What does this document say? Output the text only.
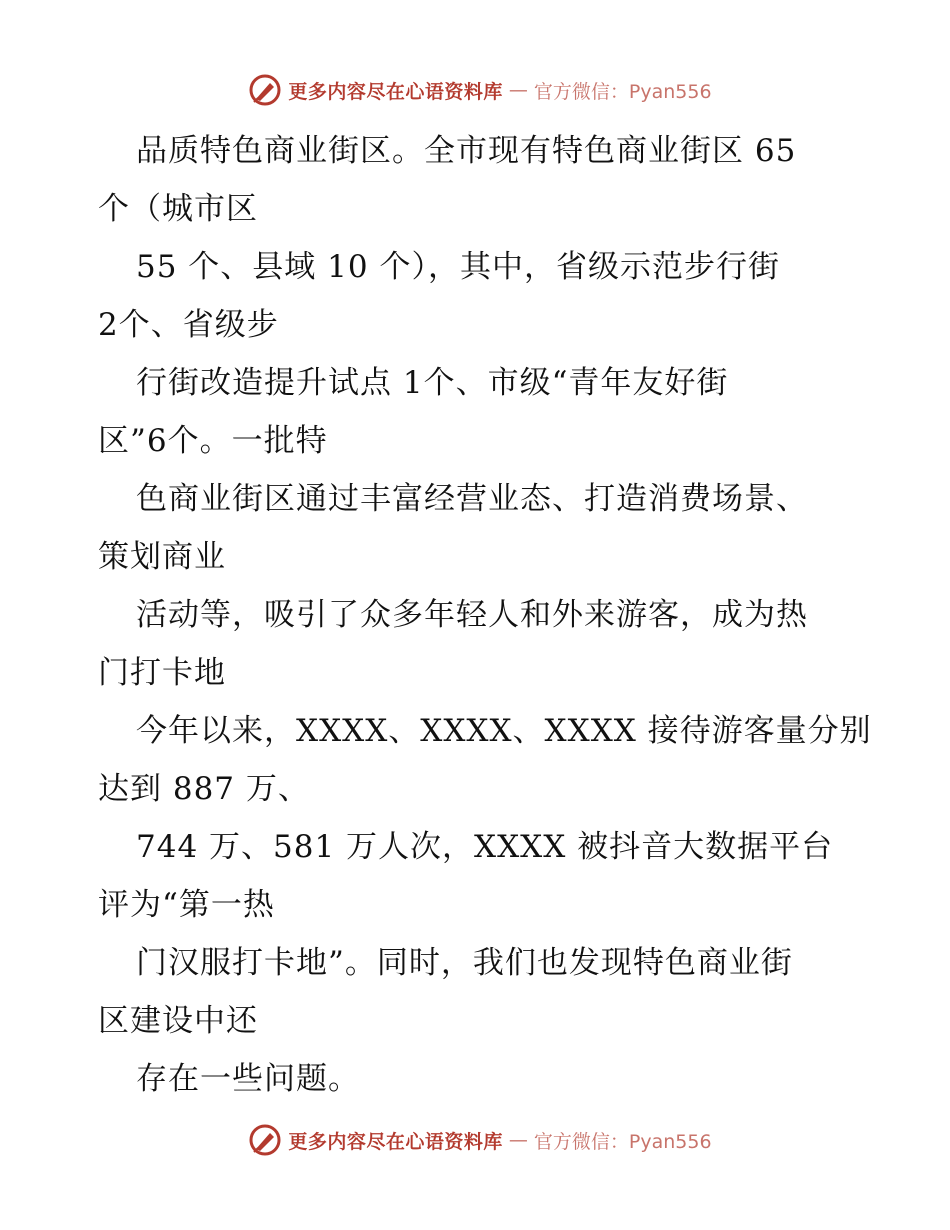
更多内容尽在心语资料库 — 官方微信：Pyan556
品质特色商业街区。全市现有特色商业街区 65
个（城市区
55 个、县域 10 个），其中，省级示范步行街
2个、省级步
行街改造提升试点 1个、市级“青年友好街
区”6个。一批特
色商业街区通过丰富经营业态、打造消费场景、
策划商业
活动等，吸引了众多年轻人和外来游客，成为热
门打卡地
今年以来，XXXX、XXXX、XXXX 接待游客量分别
达到 887 万、
744 万、581 万人次，XXXX 被抖音大数据平台
评为“第一热
门汉服打卡地”。同时，我们也发现特色商业街
区建设中还
存在一些问题。
更多内容尽在心语资料库 — 官方微信：Pyan556
